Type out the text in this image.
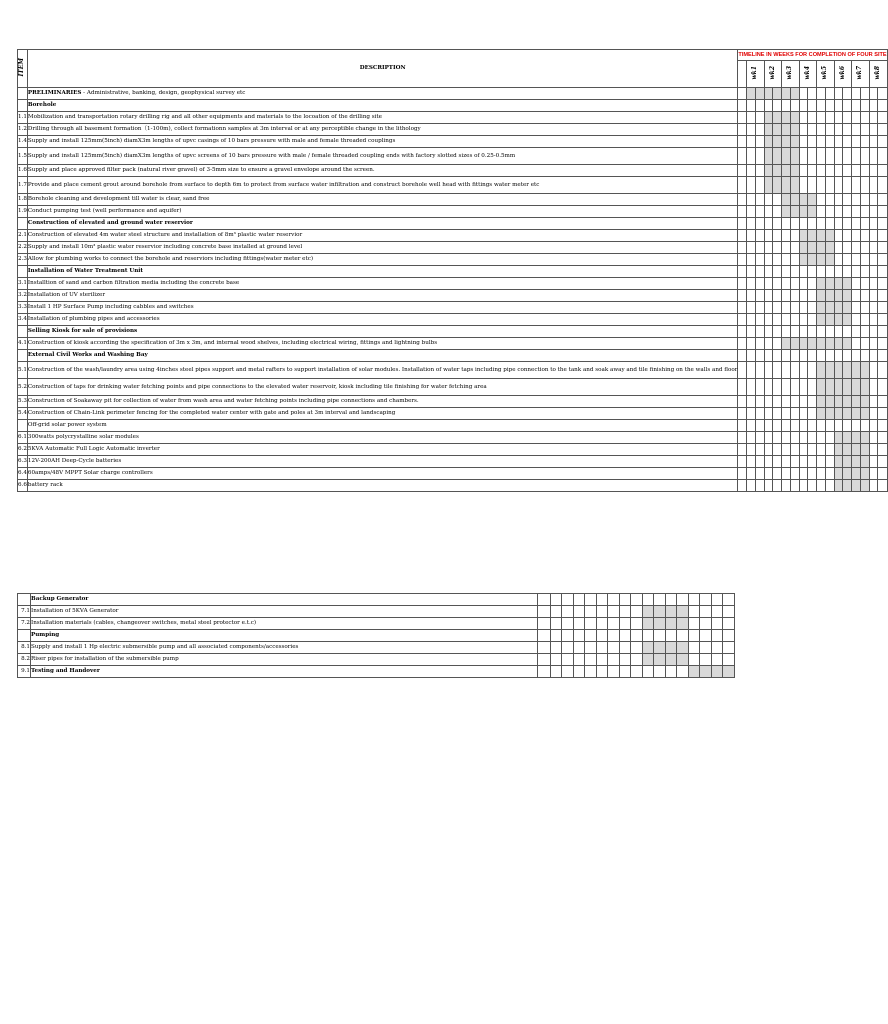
ITEM	DESCRIPTION	TIMELINE IN WEEKS FOR COMPLETION OF FOUR SITE																
			wk1		wk2		wk3		wk4		wk5		wk6		wk7		wk8	
	PRELIMINARIES - Administrative, banking, design, geophysical survey etc																	
	Borehole																	
1.1	Mobilization and transportation rotary drilling rig and all other equipments and materials to the locoation of the drilling site																	
1.2	Drilling through all basement formation（1-100m), collect formationn samples at 3m interval or at any perceptible change in the lithology																	
1.4	Supply and install 125mm(5inch) diamX3m lengths of upvc casings of 10 bars pressure with male and female threaded couplings																	
1.5	Supply and install 125mm(5inch) diamX3m lengths of upvc screens of 10 bars pressure with male / female threaded coupling ends with factory slotted sizes of 0.25-0.5mm																	
1.6	Supply and place approved filter pack (natural river gravel) of 3-5mm size to ensure a gravel envelope around the screen.																	
1.7	Provide and place cement grout around borehole from surface to depth 6m to protect from surface water infiltration and construct borehole well head with fittings water meter etc																	
1.8	Borehole cleaning and development till water is clear, sand free																	
1.9	Conduct pumping test (well performance and aquifer)																	
	Construction of elevated and ground water reservior																	
2.1	Construction of elevated 4m water steel structure and installation of 8m³ plastic water reservior																	
2.2	Supply and install 10m³ plastic water reservior including concrete base installed at ground level																	
2.3	Allow for plumbing works to connect the borehole and reserviors including fittings(water meter etc)																	
	Installation of Water Treatment Unit																	
3.1	Installtion of sand and carbon filtration media including the concrete base																	
3.2	Installation of UV sterilizer																	
3.3	Install 1 HP Surface Pump including cabbles and switches																	
3.4	Installation of plumbing pipes and accessories																	
	Selling Kiosk for sale of provisions																	
4.1	Construction of kiosk according the specification of 3m x 3m, and internal wood shelves, including electrical wiring, fittings and lightning bulbs																	
	External Civil Works and Washing Bay																	
5.1	Construction of the wash/laundry area using 4inches steel pipes support and metal rafters to support installation of solar modules. Installation of water taps including pipe connection to the tank and soak away and tile finishing on the walls and floor																	
5.2	Construction of taps for drinking water fetching points and pipe connections to the elevated water reservoir, kiosk including tile finishing for water fetching area																	
5.3	Construction of Soakaway pit for collection of water from wash area and water fetching points including pipe connections and chambers.																	
5.4	Construction of Chain-Link perimeter fencing for the completed water center with gate and poles at 3m interval and landscaping																	
	Off-grid solar power system																	
6.1	300watts polycrystalline solar modules																	
6.2	5KVA Automatic Full Logic Automatic inverter																	
6.3	12V-200AH Deep-Cycle batteries																	
6.4	60amps/48V MPPT Solar charge controllers																	
6.6	battery rack																	
	Backup Generator																	
7.1	Installation of 5KVA Generator																	
7.2	Installation materials (cables, changeover switches, metal steel protector e.t.c)																	
	Pumping																	
8.1	Supply and install 1 Hp electric submersible pump and all associated components/accessories																	
8.2	Riser pipes for installation of the submersible pump																	
9.1	Testing and Handover																	
